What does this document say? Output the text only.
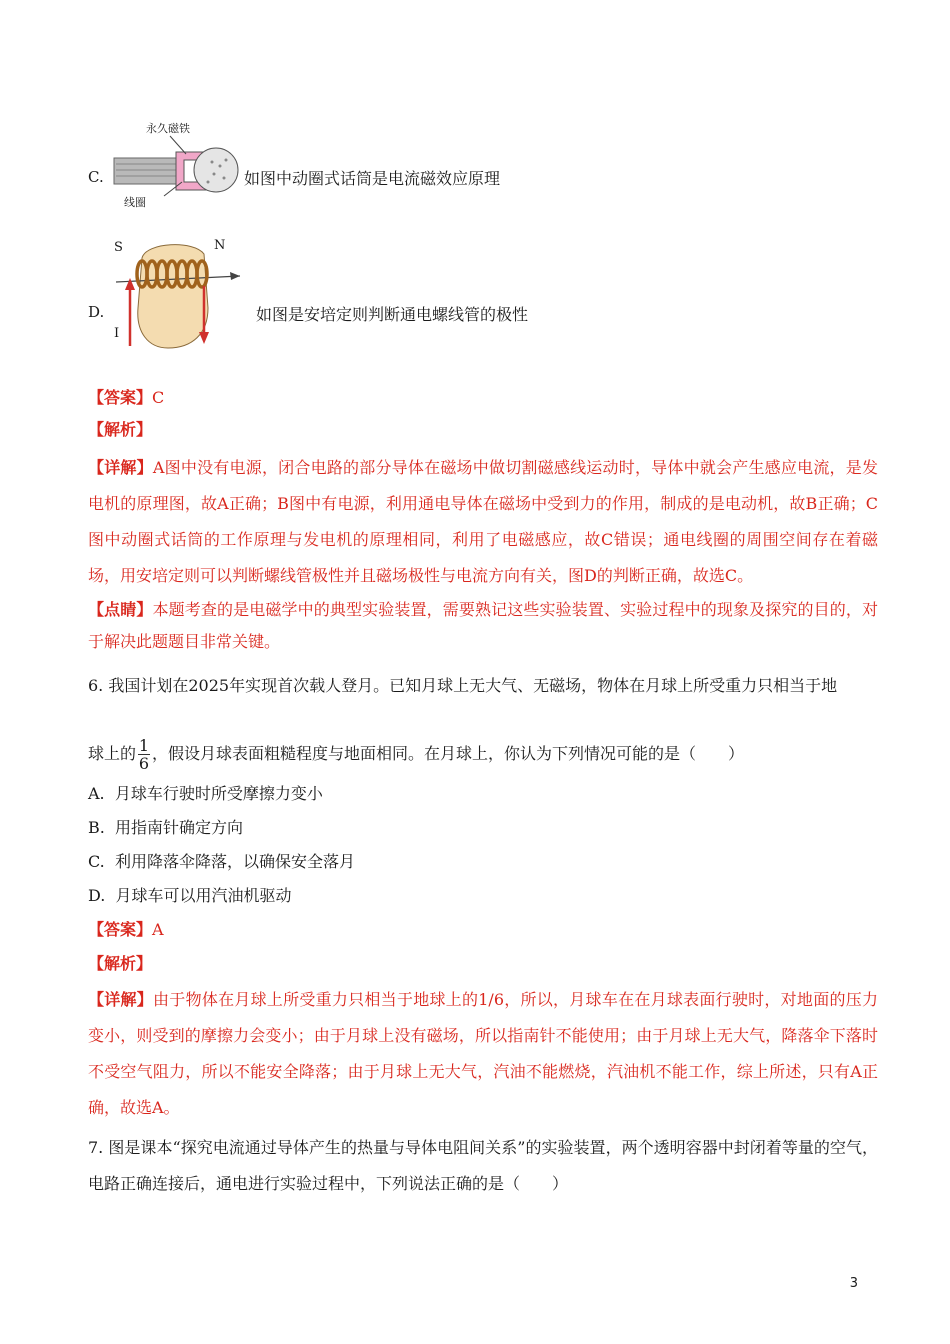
C.
永久磁铁
线圈
如图中动圈式话筒是电流磁效应原理
D.
S	N
I
如图是安培定则判断通电螺线管的极性
【答案】C
【解析】
【详解】A图中没有电源，闭合电路的部分导体在磁场中做切割磁感线运动时，导体中就会产生感应电流，是发电机的原理图，故A正确；B图中有电源，利用通电导体在磁场中受到力的作用，制成的是电动机，故B正确；C图中动圈式话筒的工作原理与发电机的原理相同，利用了电磁感应，故C错误；通电线圈的周围空间存在着磁场，用安培定则可以判断螺线管极性并且磁场极性与电流方向有关，图D的判断正确，故选C。
【点睛】本题考查的是电磁学中的典型实验装置，需要熟记这些实验装置、实验过程中的现象及探究的目的，对于解决此题题目非常关键。
6. 我国计划在2025年实现首次载人登月。已知月球上无大气、无磁场，物体在月球上所受重力只相当于地
球上的 $\frac{1}{6}$ ，假设月球表面粗糙程度与地面相同。在月球上，你认为下列情况可能的是（　　）
A. 月球车行驶时所受摩擦力变小
B. 用指南针确定方向
C. 利用降落伞降落，以确保安全落月
D. 月球车可以用汽油机驱动
【答案】A
【解析】
【详解】由于物体在月球上所受重力只相当于地球上的1/6，所以，月球车在在月球表面行驶时，对地面的压力变小，则受到的摩擦力会变小；由于月球上没有磁场，所以指南针不能使用；由于月球上无大气，降落伞下落时不受空气阻力，所以不能安全降落；由于月球上无大气，汽油不能燃烧，汽油机不能工作，综上所述，只有A正确，故选A。
7. 图是课本“探究电流通过导体产生的热量与导体电阻间关系”的实验装置，两个透明容器中封闭着等量的空气，电路正确连接后，通电进行实验过程中，下列说法正确的是（　　）
3
